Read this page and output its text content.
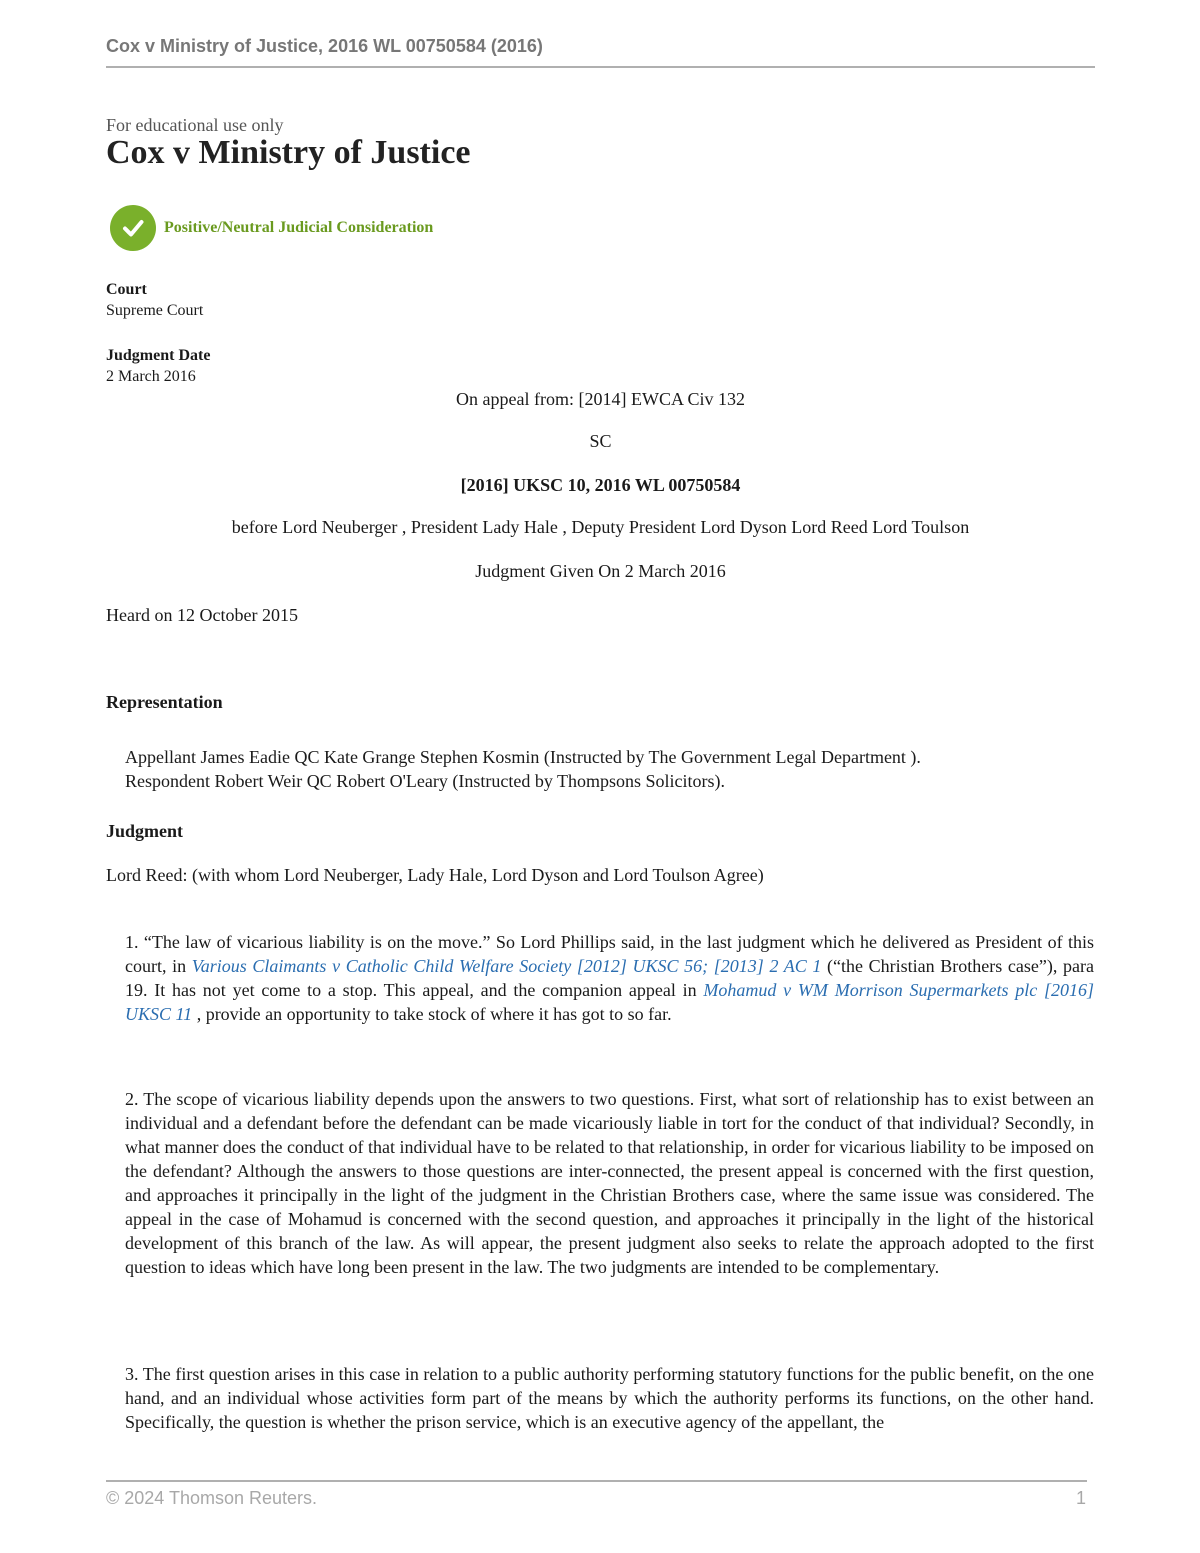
Cox v Ministry of Justice, 2016 WL 00750584 (2016)
For educational use only
Cox v Ministry of Justice
Positive/Neutral Judicial Consideration
Court
Supreme Court
Judgment Date
2 March 2016
On appeal from: [2014] EWCA Civ 132
SC
[2016] UKSC 10, 2016 WL 00750584
before Lord Neuberger , President Lady Hale , Deputy President Lord Dyson Lord Reed Lord Toulson
Judgment Given On 2 March 2016
Heard on 12 October 2015
Representation
Appellant James Eadie QC Kate Grange Stephen Kosmin (Instructed by The Government Legal Department ).
Respondent Robert Weir QC Robert O'Leary (Instructed by Thompsons Solicitors).
Judgment
Lord Reed: (with whom Lord Neuberger, Lady Hale, Lord Dyson and Lord Toulson Agree)

1. “The law of vicarious liability is on the move.” So Lord Phillips said, in the last judgment which he delivered as President of this court, in Various Claimants v Catholic Child Welfare Society [2012] UKSC 56; [2013] 2 AC 1 (“the Christian Brothers case”), para 19. It has not yet come to a stop. This appeal, and the companion appeal in Mohamud v WM Morrison Supermarkets plc [2016] UKSC 11 , provide an opportunity to take stock of where it has got to so far.

2. The scope of vicarious liability depends upon the answers to two questions. First, what sort of relationship has to exist between an individual and a defendant before the defendant can be made vicariously liable in tort for the conduct of that individual? Secondly, in what manner does the conduct of that individual have to be related to that relationship, in order for vicarious liability to be imposed on the defendant? Although the answers to those questions are inter-connected, the present appeal is concerned with the first question, and approaches it principally in the light of the judgment in the Christian Brothers case, where the same issue was considered. The appeal in the case of Mohamud is concerned with the second question, and approaches it principally in the light of the historical development of this branch of the law. As will appear, the present judgment also seeks to relate the approach adopted to the first question to ideas which have long been present in the law. The two judgments are intended to be complementary.

3. The first question arises in this case in relation to a public authority performing statutory functions for the public benefit, on the one hand, and an individual whose activities form part of the means by which the authority performs its functions, on the other hand. Specifically, the question is whether the prison service, which is an executive agency of the appellant, the

© 2024 Thomson Reuters.	1
